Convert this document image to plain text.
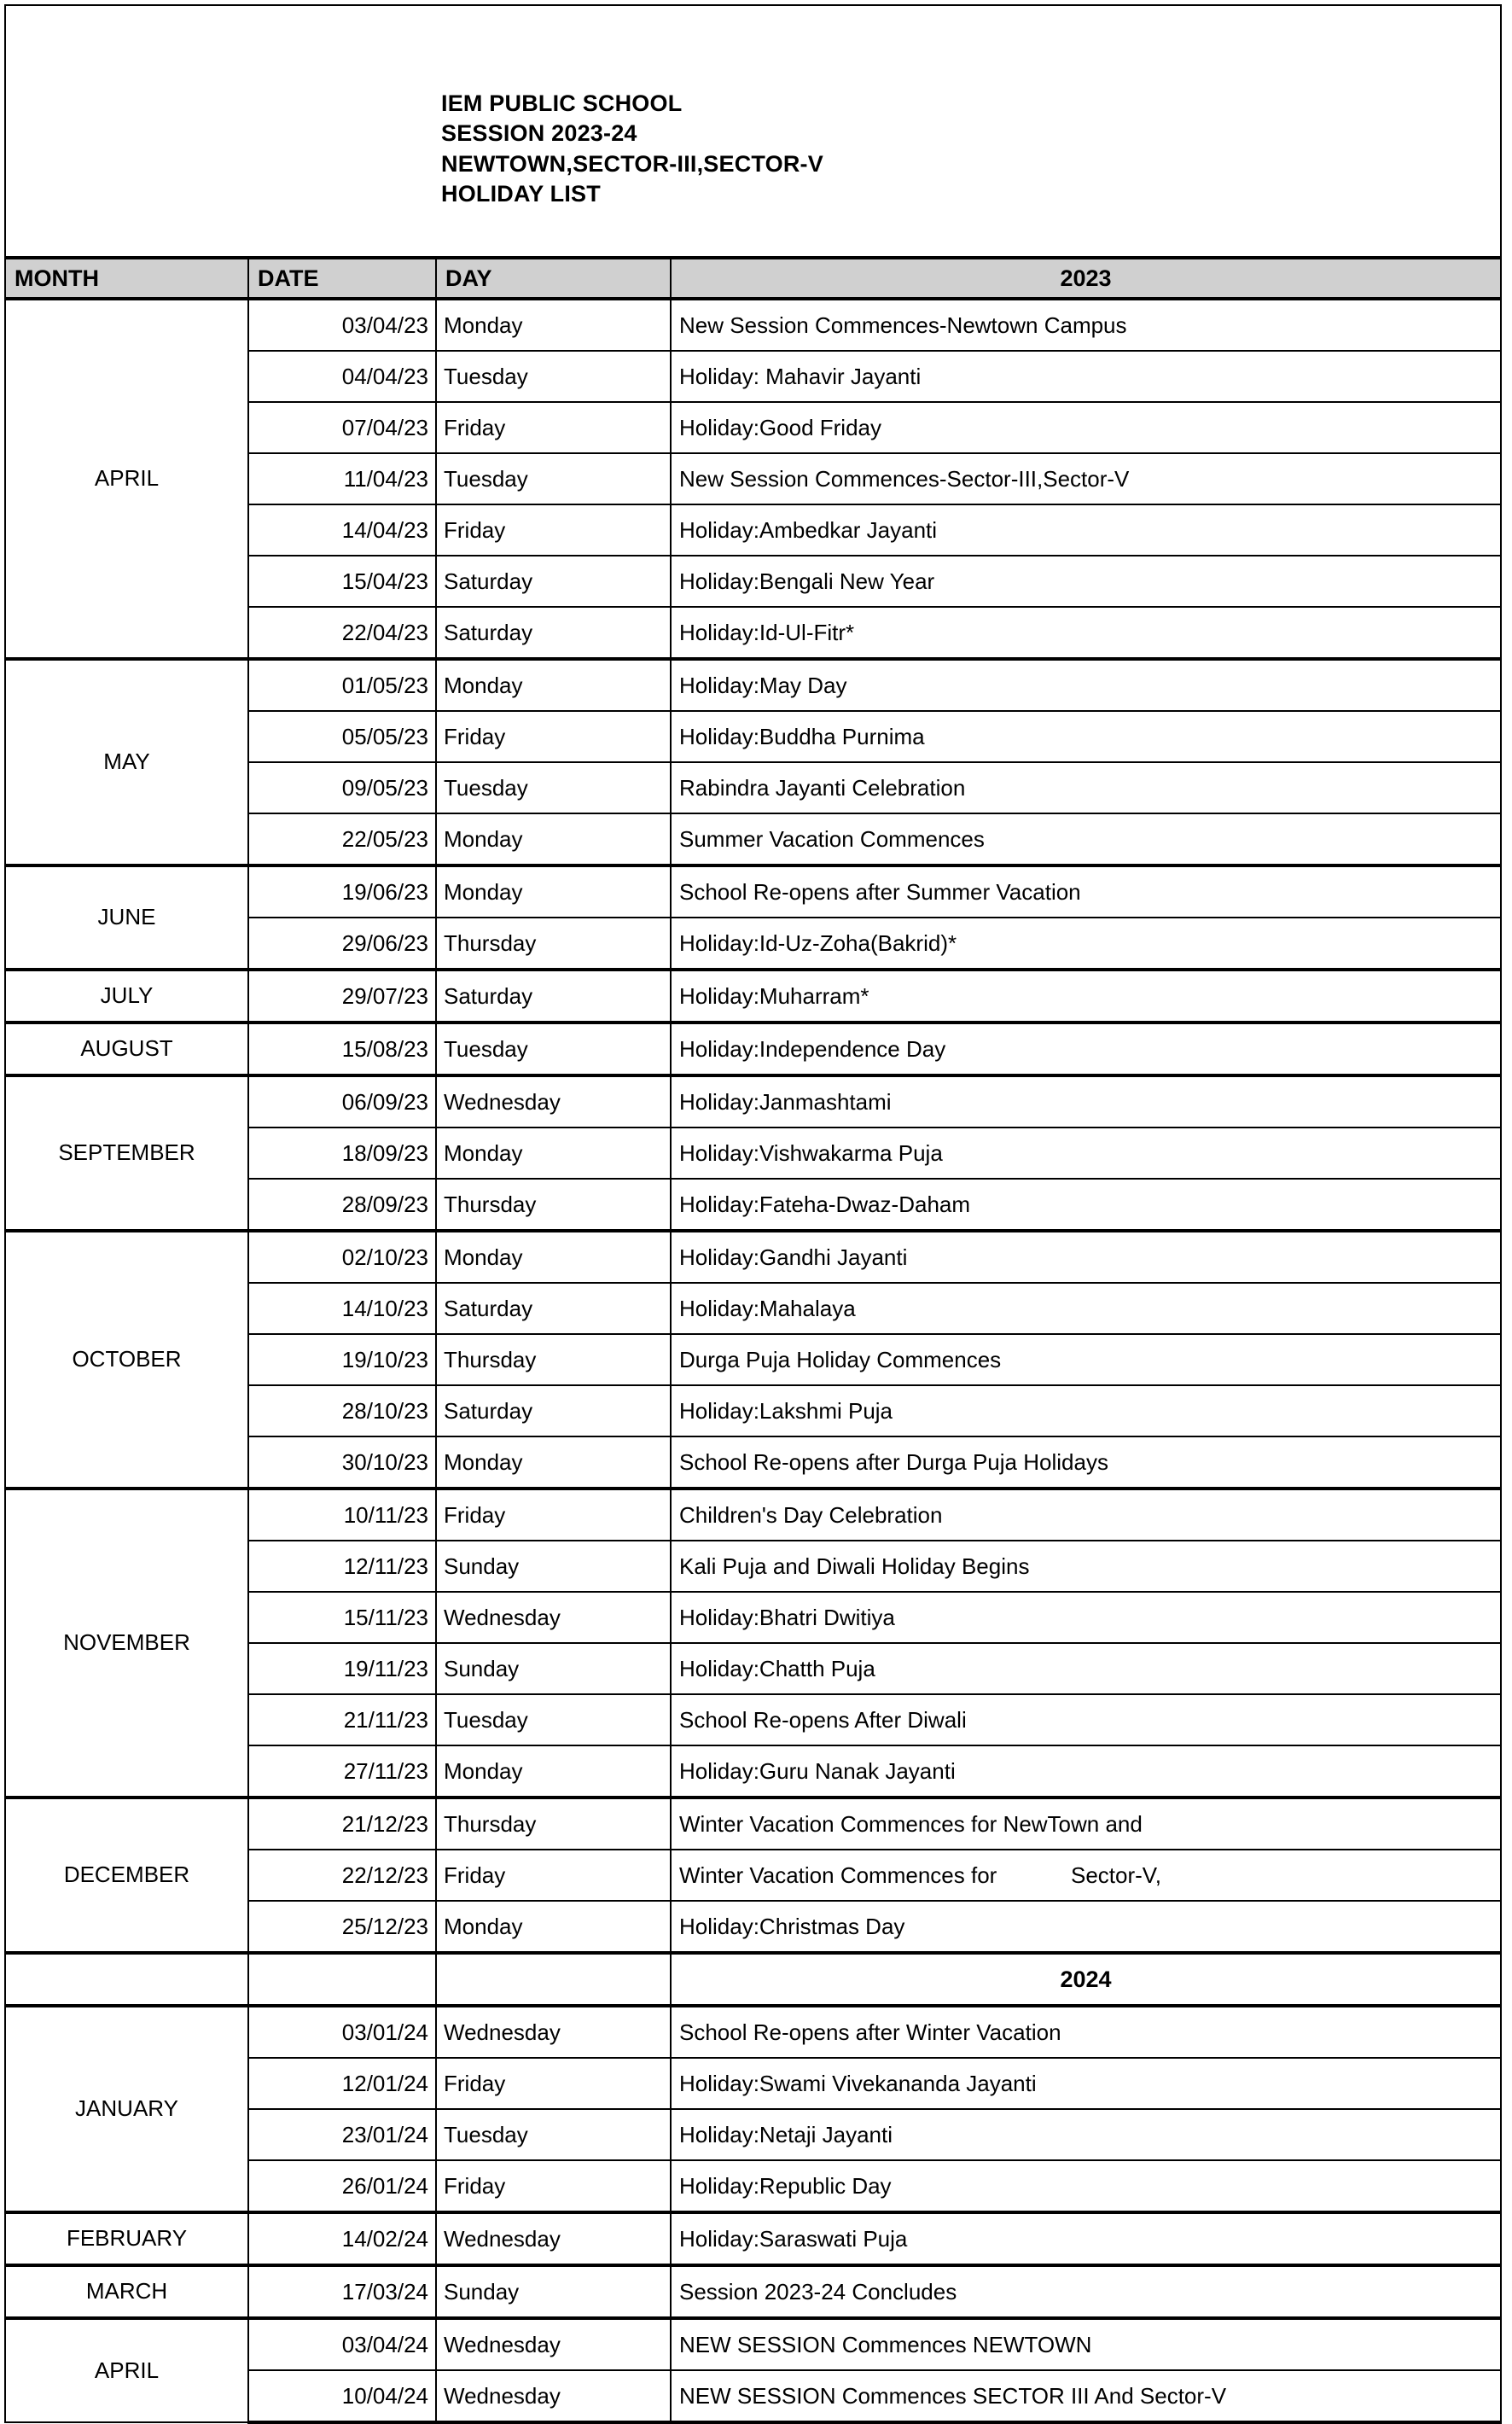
IEM PUBLIC SCHOOL
SESSION 2023-24
NEWTOWN,SECTOR-III,SECTOR-V
HOLIDAY LIST			

MONTH	DATE	DAY	2023

APRIL	03/04/23	Monday	New Session Commences-Newtown Campus

	04/04/23	Tuesday	Holiday: Mahavir Jayanti

	07/04/23	Friday	Holiday:Good Friday

	11/04/23	Tuesday	New Session Commences-Sector-III,Sector-V

	14/04/23	Friday	Holiday:Ambedkar Jayanti

	15/04/23	Saturday	Holiday:Bengali New Year

	22/04/23	Saturday	Holiday:Id-Ul-Fitr*

MAY	01/05/23	Monday	Holiday:May Day

	05/05/23	Friday	Holiday:Buddha Purnima

	09/05/23	Tuesday	Rabindra Jayanti Celebration

	22/05/23	Monday	Summer Vacation Commences

JUNE	19/06/23	Monday	School Re-opens after Summer Vacation

	29/06/23	Thursday	Holiday:Id-Uz-Zoha(Bakrid)*

JULY	29/07/23	Saturday	Holiday:Muharram*

AUGUST	15/08/23	Tuesday	Holiday:Independence Day

SEPTEMBER	06/09/23	Wednesday	Holiday:Janmashtami

	18/09/23	Monday	Holiday:Vishwakarma Puja

	28/09/23	Thursday	Holiday:Fateha-Dwaz-Daham

OCTOBER	02/10/23	Monday	Holiday:Gandhi Jayanti

	14/10/23	Saturday	Holiday:Mahalaya

	19/10/23	Thursday	Durga Puja Holiday Commences

	28/10/23	Saturday	Holiday:Lakshmi Puja

	30/10/23	Monday	School Re-opens after Durga Puja Holidays

NOVEMBER	10/11/23	Friday	Children's Day Celebration

	12/11/23	Sunday	Kali Puja and Diwali Holiday Begins

	15/11/23	Wednesday	Holiday:Bhatri Dwitiya

	19/11/23	Sunday	Holiday:Chatth Puja

	21/11/23	Tuesday	School Re-opens After Diwali

	27/11/23	Monday	Holiday:Guru Nanak Jayanti

DECEMBER	21/12/23	Thursday	Winter Vacation Commences for NewTown and

	22/12/23	Friday	Winter Vacation Commences for            Sector-V,

	25/12/23	Monday	Holiday:Christmas Day

			2024

JANUARY	03/01/24	Wednesday	School Re-opens after Winter Vacation

	12/01/24	Friday	Holiday:Swami Vivekananda Jayanti

	23/01/24	Tuesday	Holiday:Netaji Jayanti

	26/01/24	Friday	Holiday:Republic Day

FEBRUARY	14/02/24	Wednesday	Holiday:Saraswati Puja

MARCH	17/03/24	Sunday	Session 2023-24 Concludes

APRIL	03/04/24	Wednesday	NEW SESSION Commences NEWTOWN

	10/04/24	Wednesday	NEW SESSION Commences SECTOR III And Sector-V
